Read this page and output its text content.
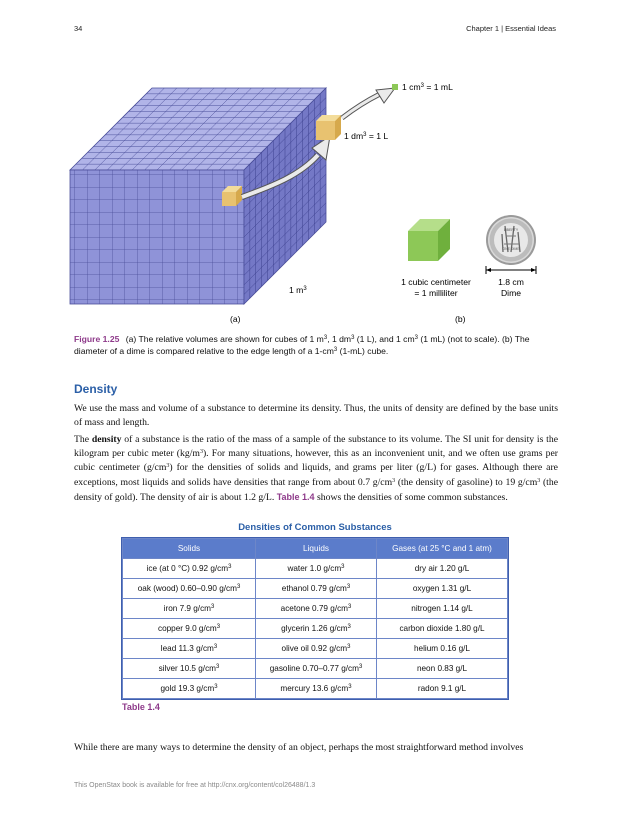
34	Chapter 1 | Essential Ideas
1 $cm^3 = 1$ mL
1 $dm^3 = 1$ L
1 $m^3$
1 cubic centimeter
= 1 milliliter
1.8 cm
Dime
(a)	(b)
LIBERTY
ONE DIME
Figure 1.25 (a) The relative volumes are shown for cubes of 1 $m^3$, 1 $dm^3$ (1 L), and 1 $cm^3$ (1 mL) (not to scale). (b) The diameter of a dime is compared relative to the edge length of a $1-cm^3$ (1-mL) cube.
Density
We use the mass and volume of a substance to determine its density. Thus, the units of density are defined by the base units of mass and length.
The density of a substance is the ratio of the mass of a sample of the substance to its volume. The SI unit for density is the kilogram per cubic meter $(kg/m^3)$. For many situations, however, this as an inconvenient unit, and we often use grams per cubic centimeter $(g/cm^3)$ for the densities of solids and liquids, and grams per liter (g/L) for gases. Although there are exceptions, most liquids and solids have densities that range from about 0.7 $g/cm^3$ (the density of gasoline) to 19 $g/cm^3$ (the density of gold). The density of air is about 1.2 g/L. Table 1.4 shows the densities of some common substances.
Densities of Common Substances
Solids	Liquids	Gases (at 25 °C and 1 atm)
ice (at 0 °C) 0.92 $g/cm^3$	water 1.0 $g/cm^3$	dry air 1.20 g/L
oak (wood) 0.60–0.90 $g/cm^3$	ethanol 0.79 $g/cm^3$	oxygen 1.31 g/L
iron 7.9 $g/cm^3$	acetone 0.79 $g/cm^3$	nitrogen 1.14 g/L
copper 9.0 $g/cm^3$	glycerin 1.26 $g/cm^3$	carbon dioxide 1.80 g/L
lead 11.3 $g/cm^3$	olive oil 0.92 $g/cm^3$	helium 0.16 g/L
silver 10.5 $g/cm^3$	gasoline 0.70–0.77 $g/cm^3$	neon 0.83 g/L
gold 19.3 $g/cm^3$	mercury 13.6 $g/cm^3$	radon 9.1 g/L
Table 1.4
While there are many ways to determine the density of an object, perhaps the most straightforward method involves
This OpenStax book is available for free at http://cnx.org/content/col26488/1.3
